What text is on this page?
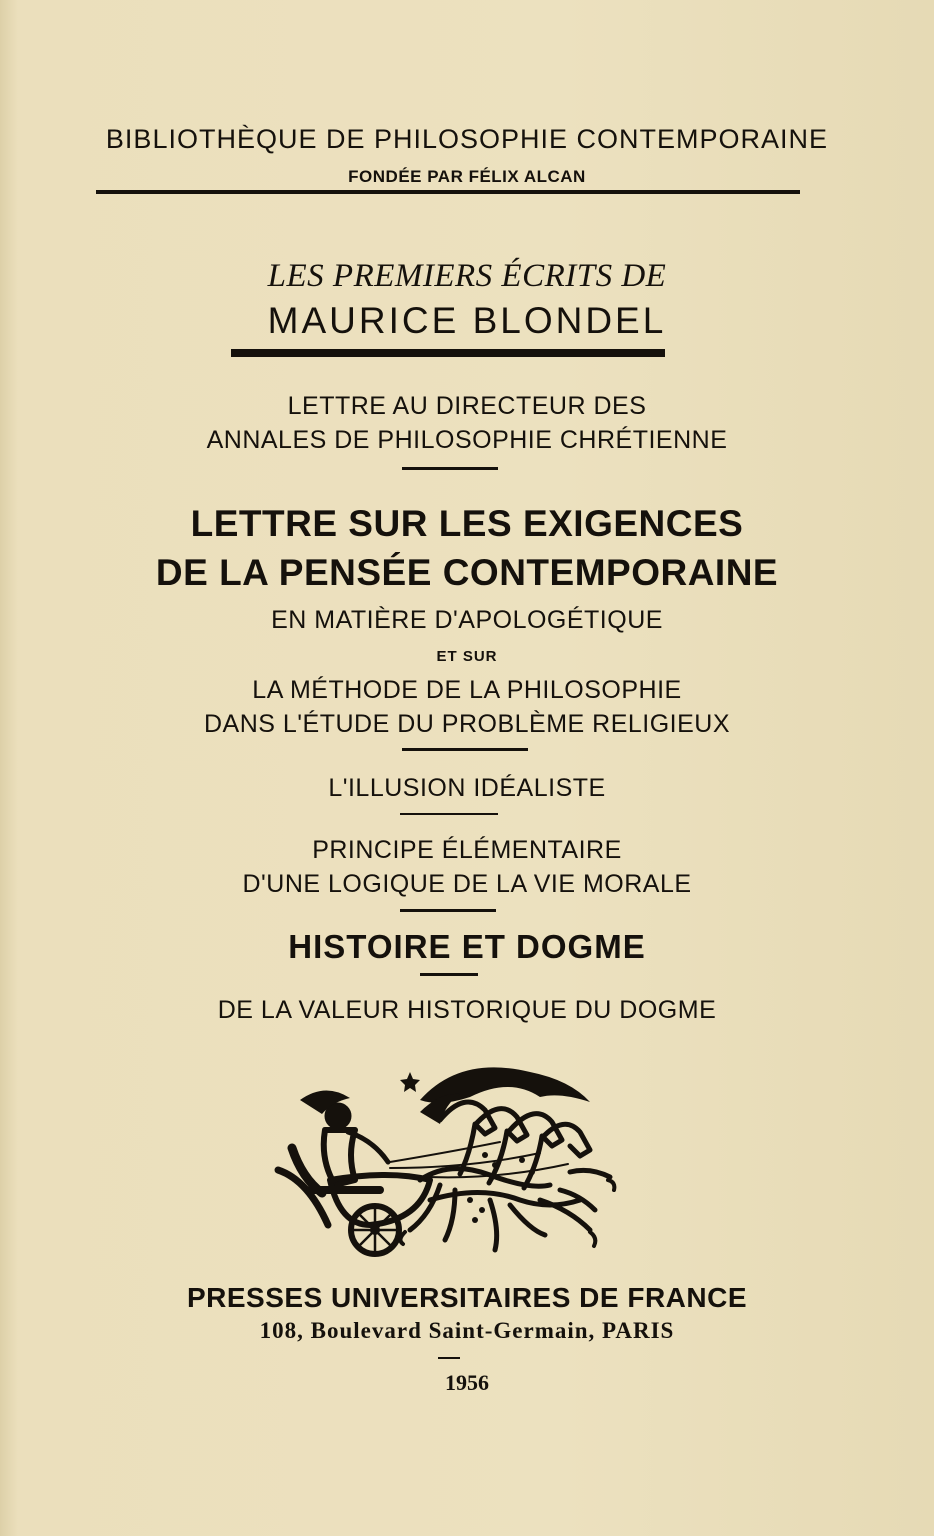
BIBLIOTHÈQUE DE PHILOSOPHIE CONTEMPORAINE

FONDÉE PAR FÉLIX ALCAN

LES PREMIERS ÉCRITS DE

MAURICE BLONDEL

LETTRE AU DIRECTEUR DES

ANNALES DE PHILOSOPHIE CHRÉTIENNE

LETTRE SUR LES EXIGENCES

DE LA PENSÉE CONTEMPORAINE

EN MATIÈRE D'APOLOGÉTIQUE

ET SUR

LA MÉTHODE DE LA PHILOSOPHIE

DANS L'ÉTUDE DU PROBLÈME RELIGIEUX

L'ILLUSION IDÉALISTE

PRINCIPE ÉLÉMENTAIRE

D'UNE LOGIQUE DE LA VIE MORALE

HISTOIRE ET DOGME

DE LA VALEUR HISTORIQUE DU DOGME

PRESSES UNIVERSITAIRES DE FRANCE

108, Boulevard Saint-Germain, PARIS

1956
